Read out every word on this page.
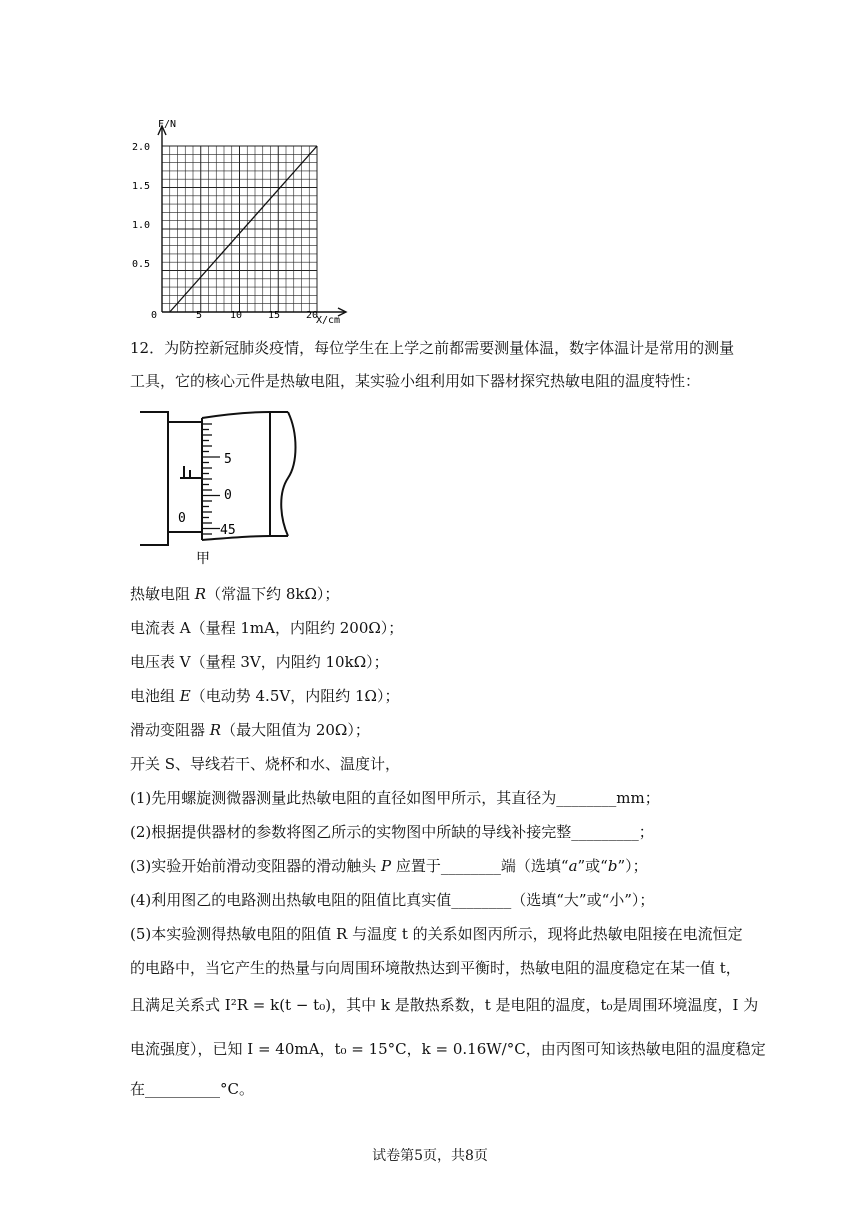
F/N
X/cm
2.0
1.5
1.0
0.5
0	5	10	15	20
12．为防控新冠肺炎疫情，每位学生在上学之前都需要测量体温，数字体温计是常用的测量
工具，它的核心元件是热敏电阻，某实验小组利用如下器材探究热敏电阻的温度特性：
5
0
45
0
甲
热敏电阻 R（常温下约 8kΩ）；
电流表 A（量程 1mA，内阻约 200Ω）；
电压表 V（量程 3V，内阻约 10kΩ）；
电池组 E（电动势 4.5V，内阻约 1Ω）；
滑动变阻器 R（最大阻值为 20Ω）；
开关 S、导线若干、烧杯和水、温度计，
(1)先用螺旋测微器测量此热敏电阻的直径如图甲所示，其直径为________mm；
(2)根据提供器材的参数将图乙所示的实物图中所缺的导线补接完整_________；
(3)实验开始前滑动变阻器的滑动触头 P 应置于________端（选填“a”或“b”）；
(4)利用图乙的电路测出热敏电阻的阻值比真实值________（选填“大”或“小”）；
(5)本实验测得热敏电阻的阻值 R 与温度 t 的关系如图丙所示，现将此热敏电阻接在电流恒定
的电路中，当它产生的热量与向周围环境散热达到平衡时，热敏电阻的温度稳定在某一值 t，
且满足关系式 I²R = k(t − t₀)，其中 k 是散热系数，t 是电阻的温度，t₀是周围环境温度，I 为
电流强度），已知 I = 40mA，t₀ = 15°C，k = 0.16W/°C，由丙图可知该热敏电阻的温度稳定
在__________°C。
试卷第5页，共8页
